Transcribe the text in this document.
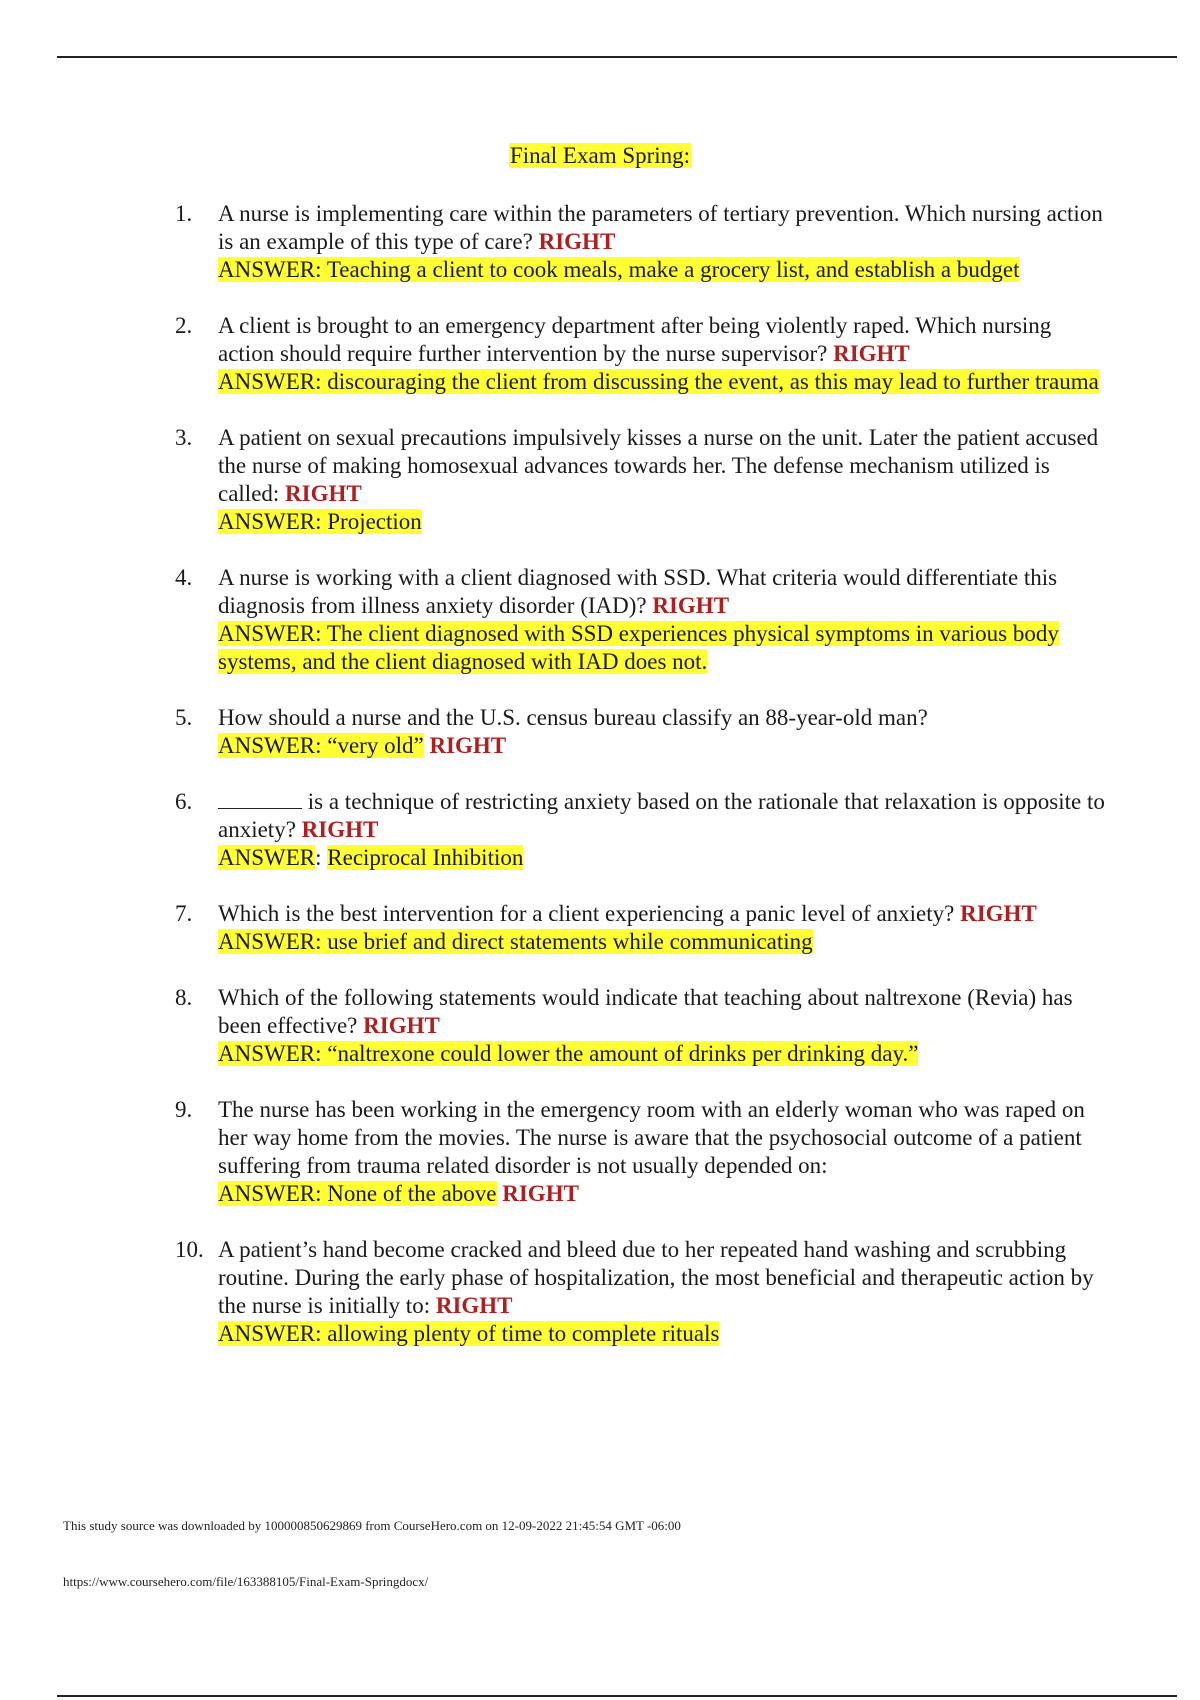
Final Exam Spring:
1.	A nurse is implementing care within the parameters of tertiary prevention. Which nursing action is an example of this type of care? RIGHT
ANSWER: Teaching a client to cook meals, make a grocery list, and establish a budget
2.	A client is brought to an emergency department after being violently raped. Which nursing action should require further intervention by the nurse supervisor? RIGHT
ANSWER: discouraging the client from discussing the event, as this may lead to further trauma
3.	A patient on sexual precautions impulsively kisses a nurse on the unit. Later the patient accused the nurse of making homosexual advances towards her. The defense mechanism utilized is called: RIGHT
ANSWER: Projection
4.	A nurse is working with a client diagnosed with SSD. What criteria would differentiate this diagnosis from illness anxiety disorder (IAD)? RIGHT
ANSWER: The client diagnosed with SSD experiences physical symptoms in various body systems, and the client diagnosed with IAD does not.
5.	How should a nurse and the U.S. census bureau classify an 88-year-old man?
ANSWER: “very old” RIGHT
6.	is a technique of restricting anxiety based on the rationale that relaxation is opposite to anxiety? RIGHT
ANSWER: Reciprocal Inhibition
7.	Which is the best intervention for a client experiencing a panic level of anxiety? RIGHT
ANSWER: use brief and direct statements while communicating
8.	Which of the following statements would indicate that teaching about naltrexone (Revia) has been effective? RIGHT
ANSWER: “naltrexone could lower the amount of drinks per drinking day.”
9.	The nurse has been working in the emergency room with an elderly woman who was raped on her way home from the movies. The nurse is aware that the psychosocial outcome of a patient suffering from trauma related disorder is not usually depended on:
ANSWER: None of the above RIGHT
10. A patient’s hand become cracked and bleed due to her repeated hand washing and scrubbing routine. During the early phase of hospitalization, the most beneficial and therapeutic action by the nurse is initially to: RIGHT
ANSWER: allowing plenty of time to complete rituals
This study source was downloaded by 100000850629869 from CourseHero.com on 12-09-2022 21:45:54 GMT -06:00
https://www.coursehero.com/file/163388105/Final-Exam-Springdocx/
